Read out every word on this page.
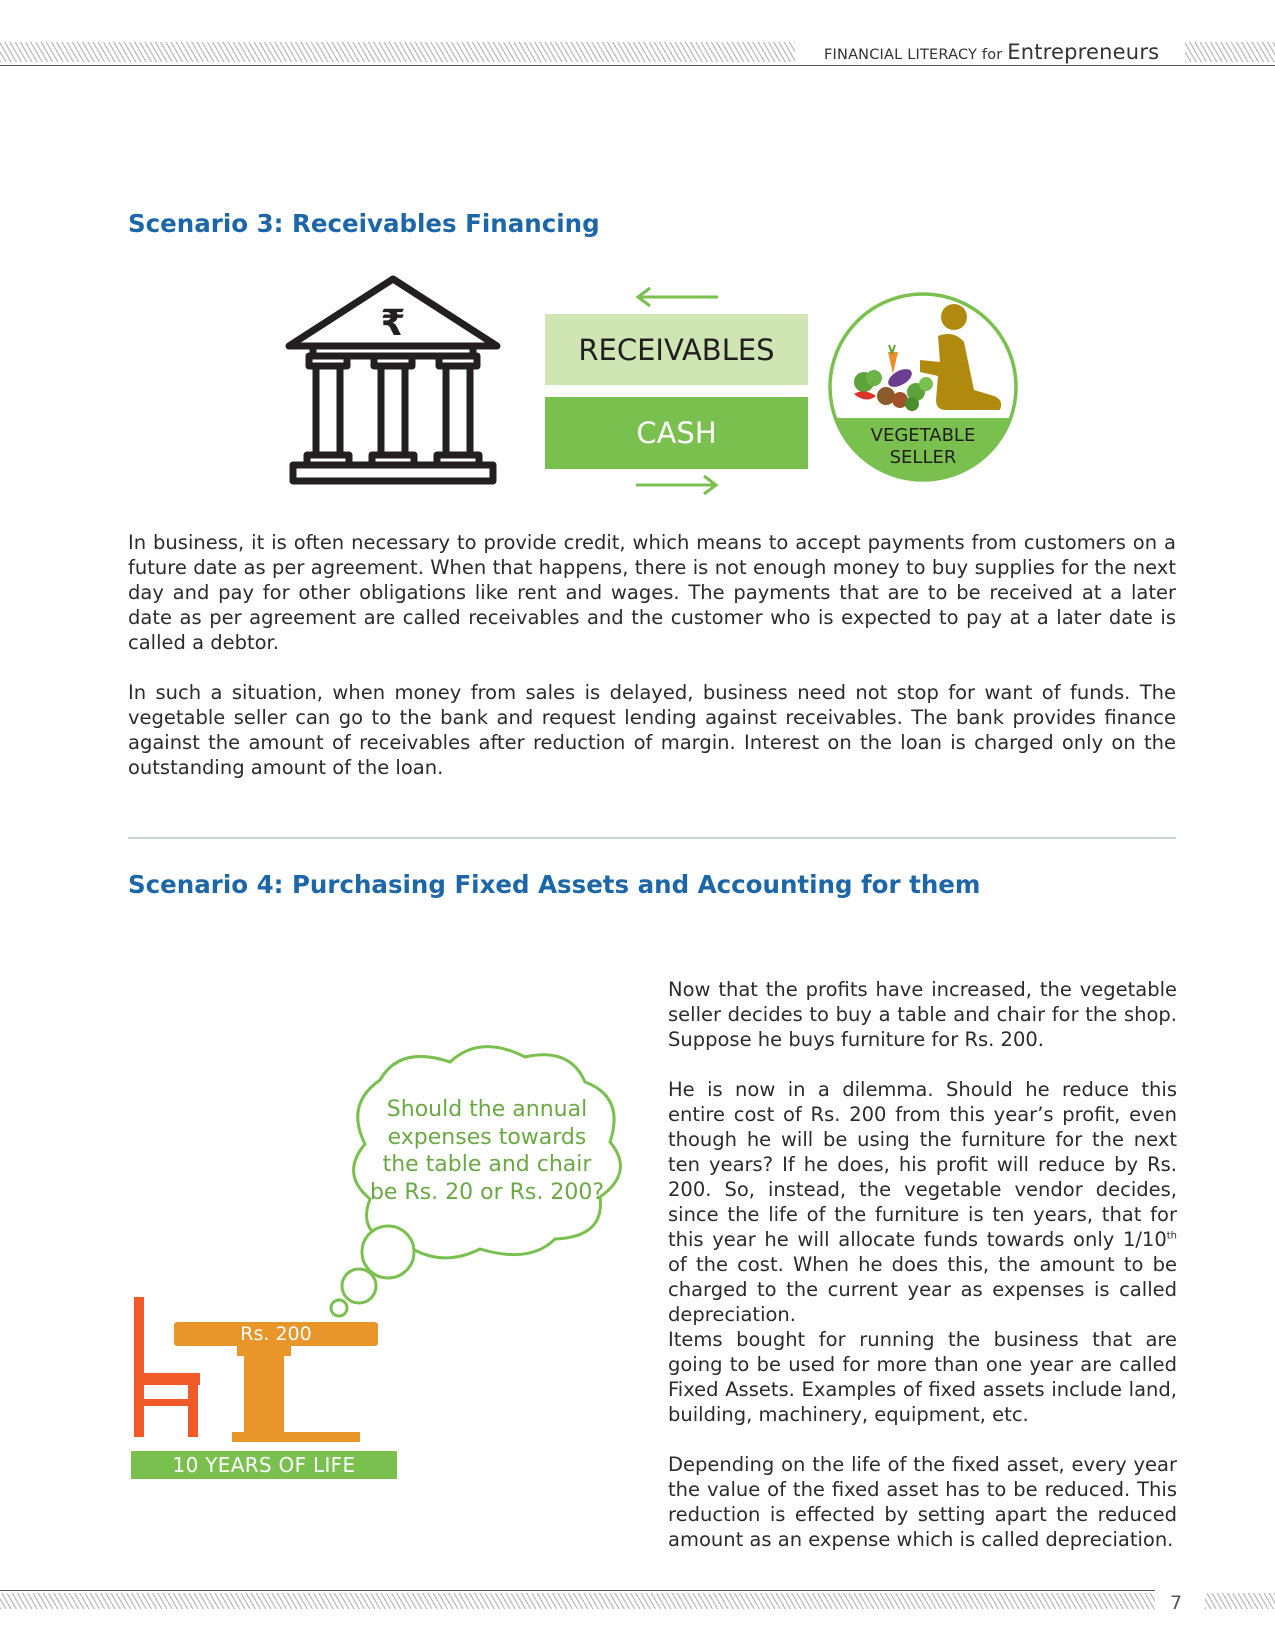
FINANCIAL LITERACY for Entrepreneurs
Scenario 3: Receivables Financing
₹
RECEIVABLES
CASH	VEGETABLE
SELLER

In business, it is often necessary to provide credit, which means to accept payments from customers on a future date as per agreement. When that happens, there is not enough money to buy supplies for the next day and pay for other obligations like rent and wages. The payments that are to be received at a later date as per agreement are called receivables and the customer who is expected to pay at a later date is called a debtor.

In such a situation, when money from sales is delayed, business need not stop for want of funds. The vegetable seller can go to the bank and request lending against receivables. The bank provides finance against the amount of receivables after reduction of margin. Interest on the loan is charged only on the outstanding amount of the loan.

Scenario 4: Purchasing Fixed Assets and Accounting for them
Should the annual
expenses towards
the table and chair
be Rs. 20 or Rs. 200?
Rs. 200
10 YEARS OF LIFE

Now that the profits have increased, the vegetable seller decides to buy a table and chair for the shop. Suppose he buys furniture for Rs. 200.

He is now in a dilemma. Should he reduce this entire cost of Rs. 200 from this year’s profit, even though he will be using the furniture for the next ten years? If he does, his profit will reduce by Rs. 200. So, instead, the vegetable vendor decides, since the life of the furniture is ten years, that for this year he will allocate funds towards only 1/10th of the cost. When he does this, the amount to be charged to the current year as expenses is called depreciation.

Items bought for running the business that are going to be used for more than one year are called Fixed Assets. Examples of fixed assets include land, building, machinery, equipment, etc.

Depending on the life of the fixed asset, every year the value of the fixed asset has to be reduced. This reduction is effected by setting apart the reduced amount as an expense which is called depreciation.

7
